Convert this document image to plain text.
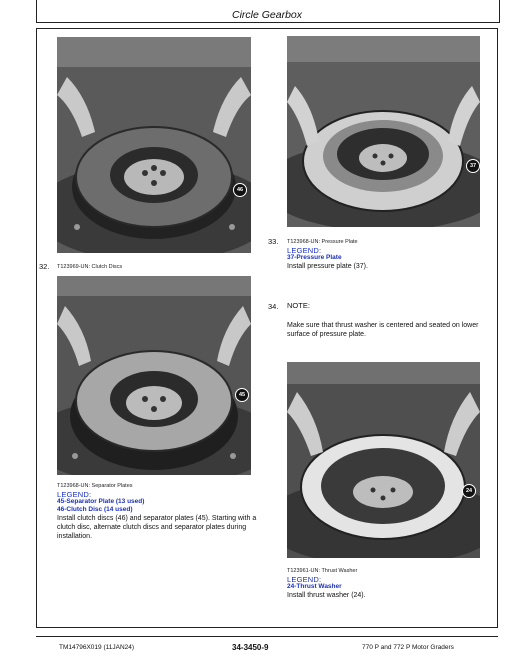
Circle Gearbox
46
32. T123969-UN: Clutch Discs
37
33. T123968-UN: Pressure Plate
LEGEND:
37-Pressure Plate
Install pressure plate (37).
45
T123968-UN: Separator Plates
LEGEND:
45-Separator Plate (13 used)
46-Clutch Disc (14 used)
Install clutch discs (46) and separator plates (45). Starting with a clutch disc, alternate clutch discs and separator plates during installation.
34. NOTE:
Make sure that thrust washer is centered and seated on lower surface of pressure plate.
24
T123961-UN: Thrust Washer
LEGEND:
24-Thrust Washer
Install thrust washer (24).
TM14796X019 (11JAN24)	34-3450-9	770 P and 772 P Motor Graders
